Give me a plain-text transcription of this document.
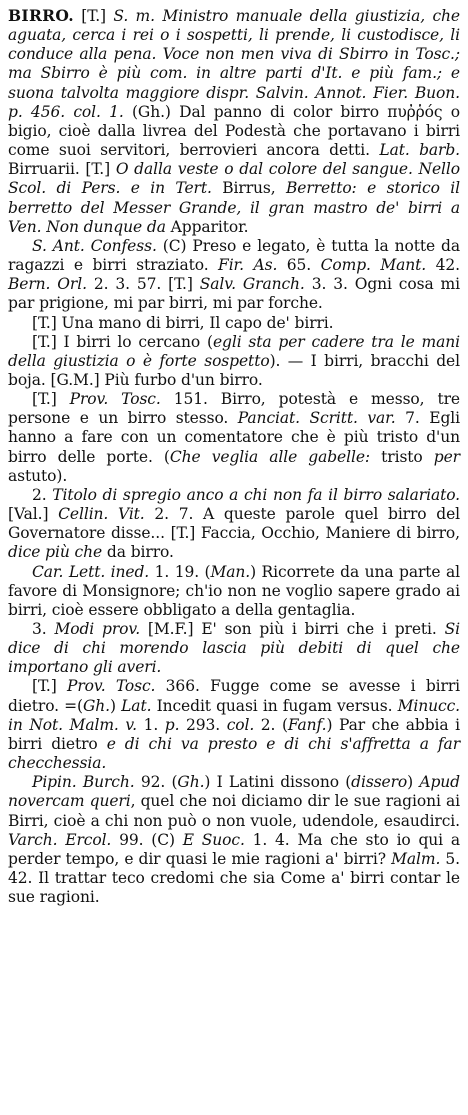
BIRRO. [T.] S. m. Ministro manuale della giustizia, che aguata, cerca i rei o i sospetti, li prende, li custodisce, li conduce alla pena. Voce non men viva di Sbirro in Tosc.; ma Sbirro è più com. in altre parti d'It. e più fam.; e suona talvolta maggiore dispr. Salvin. Annot. Fier. Buon. p. 456. col. 1. (Gh.) Dal panno di color birro πυῤῥός o bigio, cioè dalla livrea del Podestà che portavano i birri come suoi servitori, berrovieri ancora detti. Lat. barb. Birruarii. [T.] O dalla veste o dal colore del sangue. Nello Scol. di Pers. e in Tert. Birrus, Berretto: e storico il berretto del Messer Grande, il gran mastro de' birri a Ven. Non dunque da Apparitor.

S. Ant. Confess. (C) Preso e legato, è tutta la notte da ragazzi e birri straziato. Fir. As. 65. Comp. Mant. 42. Bern. Orl. 2. 3. 57. [T.] Salv. Granch. 3. 3. Ogni cosa mi par prigione, mi par birri, mi par forche.

[T.] Una mano di birri, Il capo de' birri.

[T.] I birri lo cercano (egli sta per cadere tra le mani della giustizia o è forte sospetto). — I birri, bracchi del boja. [G.M.] Più furbo d'un birro.

[T.] Prov. Tosc. 151. Birro, potestà e messo, tre persone e un birro stesso. Panciat. Scritt. var. 7. Egli hanno a fare con un comentatore che è più tristo d'un birro delle porte. (Che veglia alle gabelle: tristo per astuto).

2. Titolo di spregio anco a chi non fa il birro salariato. [Val.] Cellin. Vit. 2. 7. A queste parole quel birro del Governatore disse... [T.] Faccia, Occhio, Maniere di birro, dice più che da birro.

Car. Lett. ined. 1. 19. (Man.) Ricorrete da una parte al favore di Monsignore; ch'io non ne voglio sapere grado ai birri, cioè essere obbligato a della gentaglia.

3. Modi prov. [M.F.] E' son più i birri che i preti. Si dice di chi morendo lascia più debiti di quel che importano gli averi.

[T.] Prov. Tosc. 366. Fugge come se avesse i birri dietro. =(Gh.) Lat. Incedit quasi in fugam versus. Minucc. in Not. Malm. v. 1. p. 293. col. 2. (Fanf.) Par che abbia i birri dietro e di chi va presto e di chi s'affretta a far checchessia.

Pipin. Burch. 92. (Gh.) I Latini dissono (dissero) Apud novercam queri, quel che noi diciamo dir le sue ragioni ai Birri, cioè a chi non può o non vuole, udendole, esaudirci. Varch. Ercol. 99. (C) E Suoc. 1. 4. Ma che sto io qui a perder tempo, e dir quasi le mie ragioni a' birri? Malm. 5. 42. Il trattar teco credomi che sia Come a' birri contar le sue ragioni.
